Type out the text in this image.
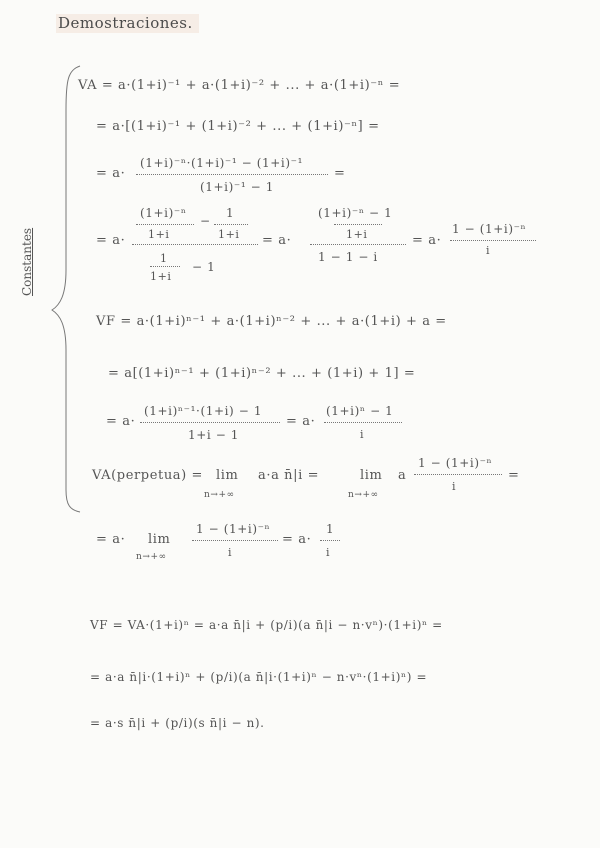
Demostraciones.
Constantes
VA = a·(1+i)⁻¹ + a·(1+i)⁻² + ... + a·(1+i)⁻ⁿ =
= a·[(1+i)⁻¹ + (1+i)⁻² + ... + (1+i)⁻ⁿ] =
= a·
(1+i)⁻ⁿ·(1+i)⁻¹ − (1+i)⁻¹
(1+i)⁻¹ − 1
=
= a·
(1+i)⁻ⁿ
−
1
1+i	1+i
1
1+i
− 1
= a·
(1+i)⁻ⁿ − 1
1+i
1 − 1 − i
= a·
1 − (1+i)⁻ⁿ
i
VF = a·(1+i)ⁿ⁻¹ + a·(1+i)ⁿ⁻² + ... + a·(1+i) + a =
= a[(1+i)ⁿ⁻¹ + (1+i)ⁿ⁻² + ... + (1+i) + 1] =
= a·
(1+i)ⁿ⁻¹·(1+i) − 1
1+i − 1
= a·
(1+i)ⁿ − 1
i
VA(perpetua) = lim
n→+∞
a·a n̄|i =	lim
n→+∞
a
1 − (1+i)⁻ⁿ
i
=
= a· lim
n→+∞
1 − (1+i)⁻ⁿ
i
= a·
1
i
VF = VA·(1+i)ⁿ = a·a n̄|i + (p/i)(a n̄|i − n·vⁿ)·(1+i)ⁿ =
= a·a n̄|i·(1+i)ⁿ + (p/i)(a n̄|i·(1+i)ⁿ − n·vⁿ·(1+i)ⁿ) =
= a·s n̄|i + (p/i)(s n̄|i − n).
